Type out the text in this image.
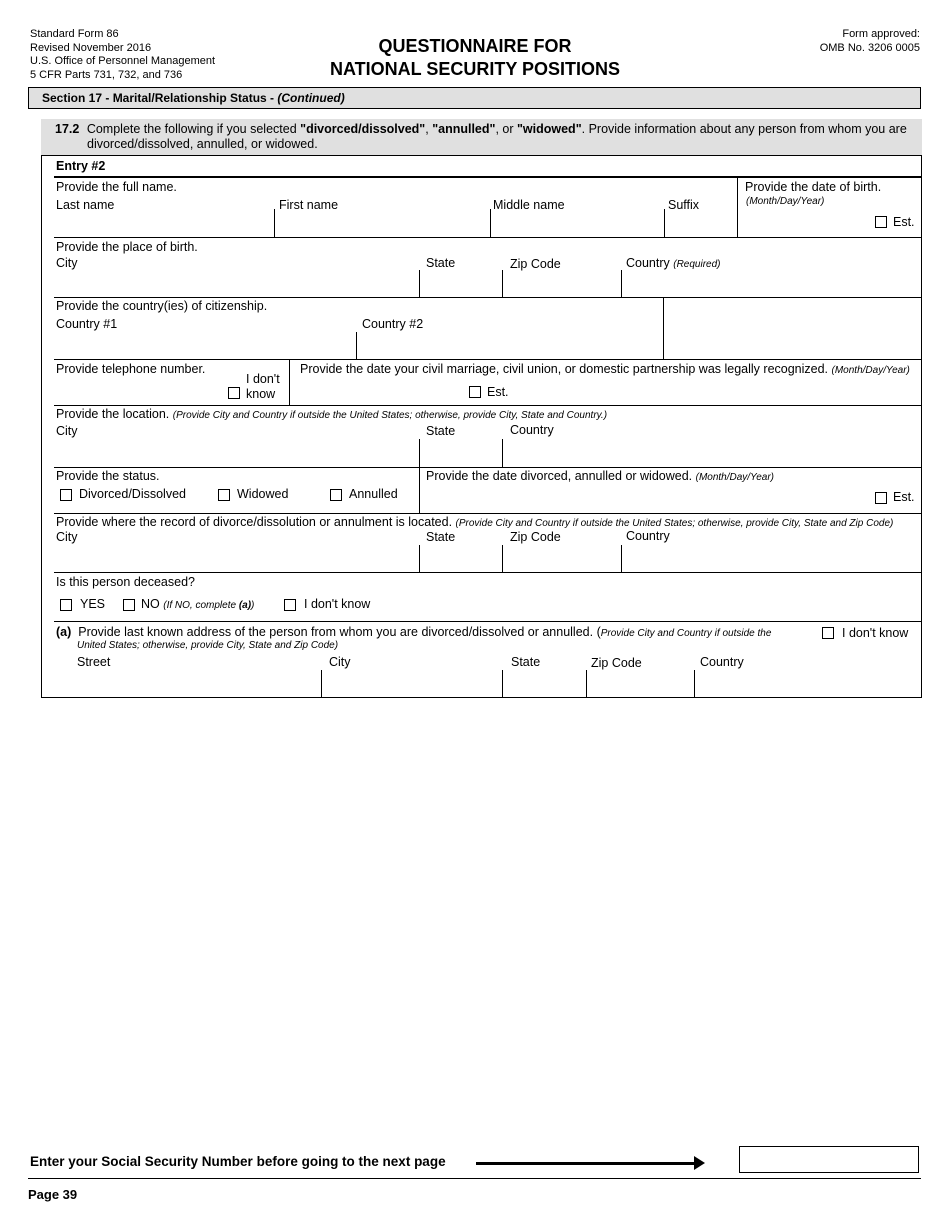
Standard Form 86
Revised November 2016
U.S. Office of Personnel Management
5 CFR Parts 731, 732, and 736
QUESTIONNAIRE FOR
NATIONAL SECURITY POSITIONS
Form approved:
OMB No. 3206 0005
Section 17 - Marital/Relationship Status - (Continued)
17.2 Complete the following if you selected "divorced/dissolved", "annulled", or "widowed". Provide information about any person from whom you are
divorced/dissolved, annulled, or widowed.
Entry #2
Provide the full name.
Last name	First name	Middle name	Suffix
Provide the date of birth.
(Month/Day/Year)
Est.
Provide the place of birth.
City	State	Zip Code	Country (Required)
Provide the country(ies) of citizenship.
Country #1	Country #2
Provide telephone number.
I don't
know
Provide the date your civil marriage, civil union, or domestic partnership was legally recognized. (Month/Day/Year)
Est.
Provide the location. (Provide City and Country if outside the United States; otherwise, provide City, State and Country.)
City	State	Country
Provide the status.
Divorced/Dissolved	Widowed	Annulled
Provide the date divorced, annulled or widowed. (Month/Day/Year)
Est.
Provide where the record of divorce/dissolution or annulment is located. (Provide City and Country if outside the United States; otherwise, provide City, State and Zip Code)
City	State	Zip Code	Country
Is this person deceased?
YES	NO (If NO, complete (a))	I don't know
(a) Provide last known address of the person from whom you are divorced/dissolved or annulled. (Provide City and Country if outside the
United States; otherwise, provide City, State and Zip Code)
I don't know
Street	City	State	Zip Code	Country
Enter your Social Security Number before going to the next page
Page 39
